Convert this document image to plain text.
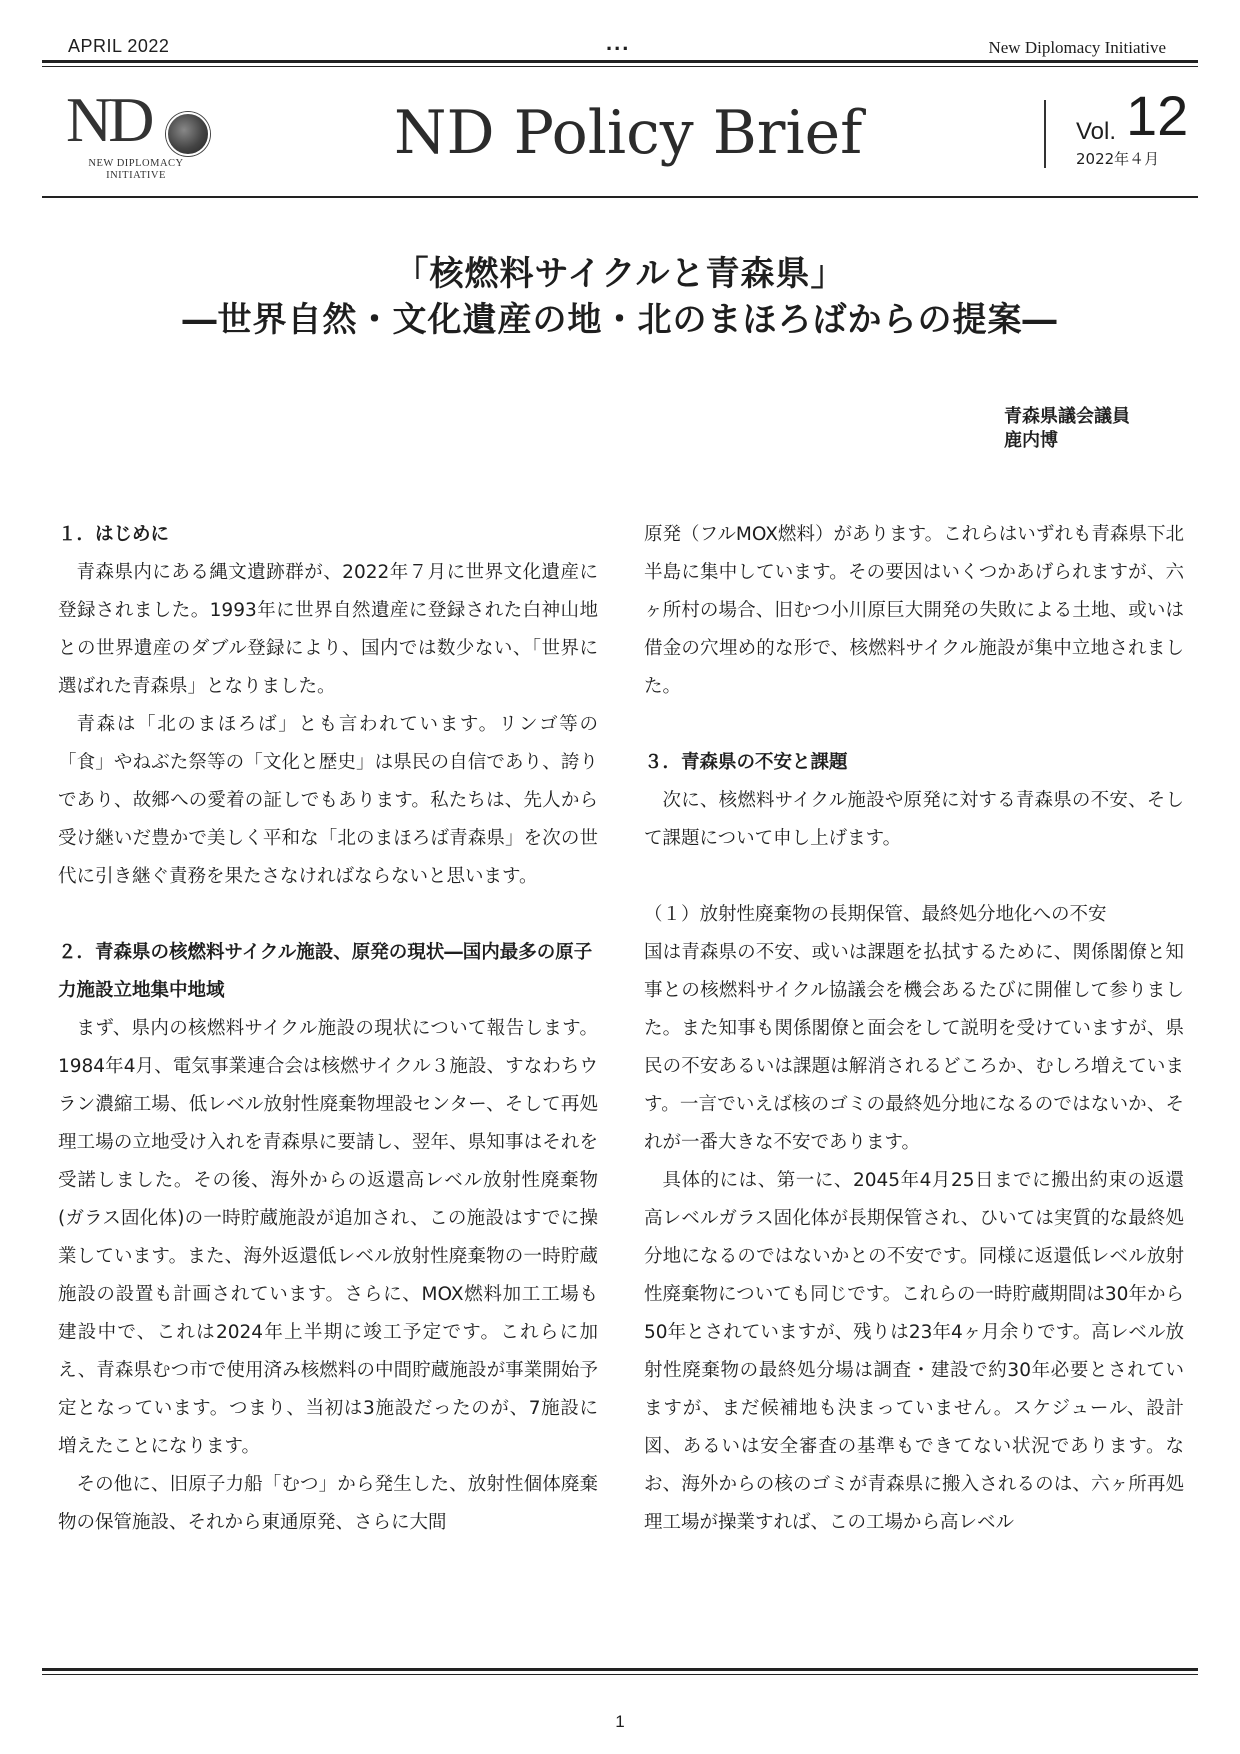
APRIL 2022	...	New Diplomacy Initiative
ND
NEW DIPLOMACY
INITIATIVE
ND Policy Brief	Vol. 12
2022年４月
「核燃料サイクルと青森県」
―世界自然・文化遺産の地・北のまほろばからの提案―
青森県議会議員
鹿内博
１．はじめに

青森県内にある縄文遺跡群が、2022年７月に世界文化遺産に登録されました。1993年に世界自然遺産に登録された白神山地との世界遺産のダブル登録により、国内では数少ない、「世界に選ばれた青森県」となりました。

青森は「北のまほろば」とも言われています。リンゴ等の「食」やねぶた祭等の「文化と歴史」は県民の自信であり、誇りであり、故郷への愛着の証しでもあります。私たちは、先人から受け継いだ豊かで美しく平和な「北のまほろば青森県」を次の世代に引き継ぐ責務を果たさなければならないと思います。

２．青森県の核燃料サイクル施設、原発の現状―国内最多の原子力施設立地集中地域

まず、県内の核燃料サイクル施設の現状について報告します。1984年4月、電気事業連合会は核燃サイクル３施設、すなわちウラン濃縮工場、低レベル放射性廃棄物埋設センター、そして再処理工場の立地受け入れを青森県に要請し、翌年、県知事はそれを受諾しました。その後、海外からの返還高レベル放射性廃棄物(ガラス固化体)の一時貯蔵施設が追加され、この施設はすでに操業しています。また、海外返還低レベル放射性廃棄物の一時貯蔵施設の設置も計画されています。さらに、MOX燃料加工工場も建設中で、これは2024年上半期に竣工予定です。これらに加え、青森県むつ市で使用済み核燃料の中間貯蔵施設が事業開始予定となっています。つまり、当初は3施設だったのが、7施設に増えたことになります。

その他に、旧原子力船「むつ」から発生した、放射性個体廃棄物の保管施設、それから東通原発、さらに大間

原発（フルMOX燃料）があります。これらはいずれも青森県下北半島に集中しています。その要因はいくつかあげられますが、六ヶ所村の場合、旧むつ小川原巨大開発の失敗による土地、或いは借金の穴埋め的な形で、核燃料サイクル施設が集中立地されました。

３．青森県の不安と課題

次に、核燃料サイクル施設や原発に対する青森県の不安、そして課題について申し上げます。

（１）放射性廃棄物の長期保管、最終処分地化への不安

国は青森県の不安、或いは課題を払拭するために、関係閣僚と知事との核燃料サイクル協議会を機会あるたびに開催して参りました。また知事も関係閣僚と面会をして説明を受けていますが、県民の不安あるいは課題は解消されるどころか、むしろ増えています。一言でいえば核のゴミの最終処分地になるのではないか、それが一番大きな不安であります。

具体的には、第一に、2045年4月25日までに搬出約束の返還高レベルガラス固化体が長期保管され、ひいては実質的な最終処分地になるのではないかとの不安です。同様に返還低レベル放射性廃棄物についても同じです。これらの一時貯蔵期間は30年から50年とされていますが、残りは23年4ヶ月余りです。高レベル放射性廃棄物の最終処分場は調査・建設で約30年必要とされていますが、まだ候補地も決まっていません。スケジュール、設計図、あるいは安全審査の基準もできてない状況であります。なお、海外からの核のゴミが青森県に搬入されるのは、六ヶ所再処理工場が操業すれば、この工場から高レベル

1
